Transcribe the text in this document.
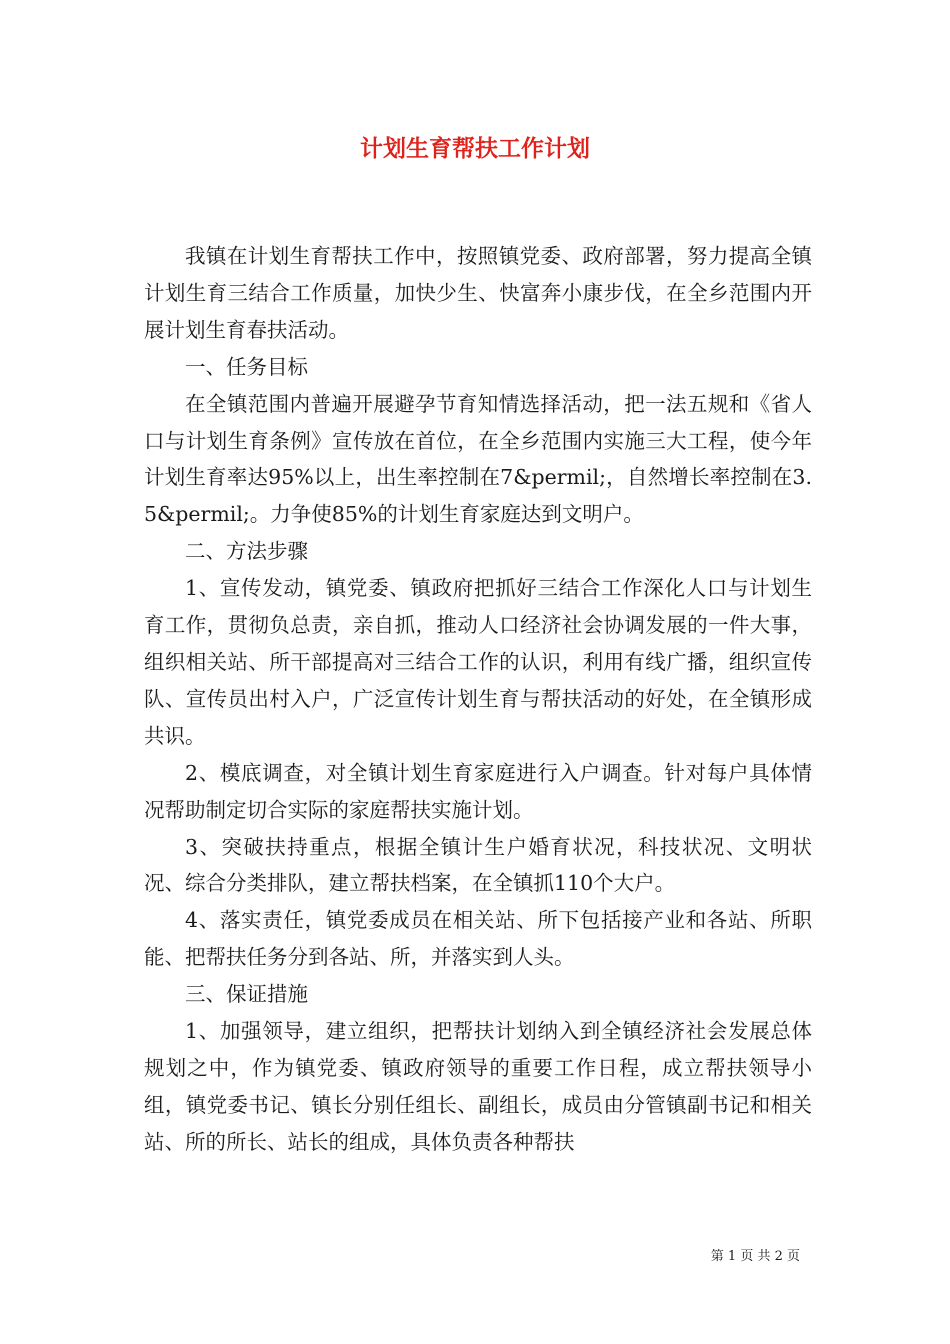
计划生育帮扶工作计划

我镇在计划生育帮扶工作中，按照镇党委、政府部署，努力提高全镇计划生育三结合工作质量，加快少生、快富奔小康步伐，在全乡范围内开展计划生育春扶活动。

一、任务目标

在全镇范围内普遍开展避孕节育知情选择活动，把一法五规和《省人口与计划生育条例》宣传放在首位，在全乡范围内实施三大工程，使今年计划生育率达95%以上，出生率控制在7&permil;，自然增长率控制在3.5&permil;。力争使85%的计划生育家庭达到文明户。

二、方法步骤

1、宣传发动，镇党委、镇政府把抓好三结合工作深化人口与计划生育工作，贯彻负总责，亲自抓，推动人口经济社会协调发展的一件大事，组织相关站、所干部提高对三结合工作的认识，利用有线广播，组织宣传队、宣传员出村入户，广泛宣传计划生育与帮扶活动的好处，在全镇形成共识。

2、模底调查，对全镇计划生育家庭进行入户调查。针对每户具体情况帮助制定切合实际的家庭帮扶实施计划。

3、突破扶持重点，根据全镇计生户婚育状况，科技状况、文明状况、综合分类排队，建立帮扶档案，在全镇抓110个大户。

4、落实责任，镇党委成员在相关站、所下包括接产业和各站、所职能、把帮扶任务分到各站、所，并落实到人头。

三、保证措施

1、加强领导，建立组织，把帮扶计划纳入到全镇经济社会发展总体规划之中，作为镇党委、镇政府领导的重要工作日程，成立帮扶领导小组，镇党委书记、镇长分别任组长、副组长，成员由分管镇副书记和相关站、所的所长、站长的组成，具体负责各种帮扶

第 1 页 共 2 页
